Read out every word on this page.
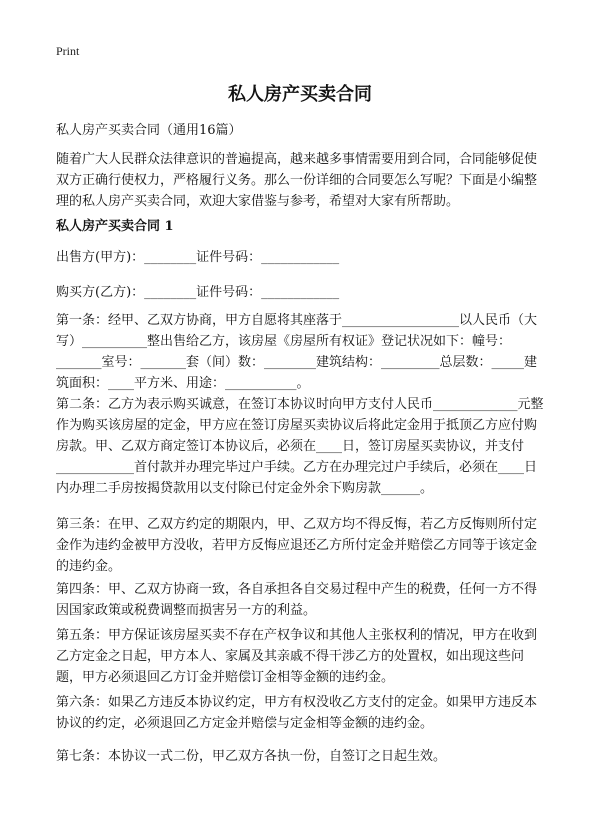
Print
私人房产买卖合同
私人房产买卖合同（通用16篇）
随着广大人民群众法律意识的普遍提高，越来越多事情需要用到合同，合同能够促使双方正确行使权力，严格履行义务。那么一份详细的合同要怎么写呢？下面是小编整理的私人房产买卖合同，欢迎大家借鉴与参考，希望对大家有所帮助。
私人房产买卖合同 1
出售方(甲方)：________证件号码：____________
购买方(乙方)：________证件号码：____________
第一条：经甲、乙双方协商，甲方自愿将其座落于__________________以人民币（大写）__________整出售给乙方，该房屋《房屋所有权证》登记状况如下：幢号：_______室号：_______套（间）数：________建筑结构：_________总层数：_____建筑面积：____平方米、用途：___________。
第二条：乙方为表示购买诚意，在签订本协议时向甲方支付人民币_____________元整作为购买该房屋的定金，甲方应在签订房屋买卖协议后将此定金用于抵顶乙方应付购房款。甲、乙双方商定签订本协议后，必须在____日，签订房屋买卖协议，并支付____________首付款并办理完毕过户手续。乙方在办理完过户手续后，必须在____日内办理二手房按揭贷款用以支付除已付定金外余下购房款______。
第三条：在甲、乙双方约定的期限内，甲、乙双方均不得反悔，若乙方反悔则所付定金作为违约金被甲方没收，若甲方反悔应退还乙方所付定金并赔偿乙方同等于该定金的违约金。
第四条：甲、乙双方协商一致，各自承担各自交易过程中产生的税费，任何一方不得因国家政策或税费调整而损害另一方的利益。
第五条：甲方保证该房屋买卖不存在产权争议和其他人主张权利的情况，甲方在收到乙方定金之日起，甲方本人、家属及其亲戚不得干涉乙方的处置权，如出现这些问题，甲方必须退回乙方订金并赔偿订金相等金额的违约金。
第六条：如果乙方违反本协议约定，甲方有权没收乙方支付的定金。如果甲方违反本协议的约定，必须退回乙方定金并赔偿与定金相等金额的违约金。
第七条：本协议一式二份，甲乙双方各执一份，自签订之日起生效。
